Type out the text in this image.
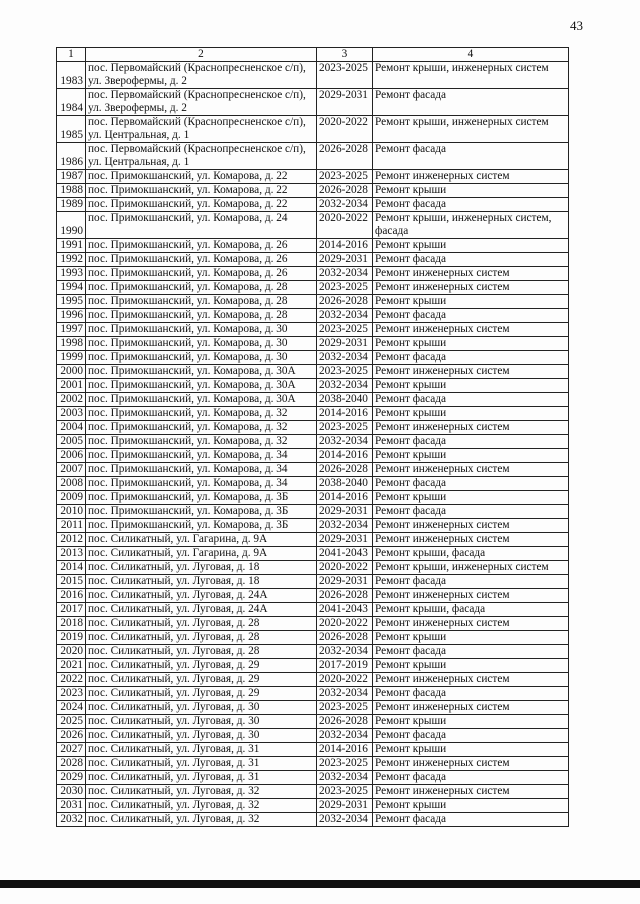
43
1	2	3	4
1983	пос. Первомайский (Краснопресненское с/п), ул. Зверофермы, д. 2	2023-2025	Ремонт крыши, инженерных систем
1984	пос. Первомайский (Краснопресненское с/п), ул. Зверофермы, д. 2	2029-2031	Ремонт фасада
1985	пос. Первомайский (Краснопресненское с/п), ул. Центральная, д. 1	2020-2022	Ремонт крыши, инженерных систем
1986	пос. Первомайский (Краснопресненское с/п), ул. Центральная, д. 1	2026-2028	Ремонт фасада
1987	пос. Примокшанский, ул. Комарова, д. 22	2023-2025	Ремонт инженерных систем
1988	пос. Примокшанский, ул. Комарова, д. 22	2026-2028	Ремонт крыши
1989	пос. Примокшанский, ул. Комарова, д. 22	2032-2034	Ремонт фасада
1990	пос. Примокшанский, ул. Комарова, д. 24	2020-2022	Ремонт крыши, инженерных систем, фасада
1991	пос. Примокшанский, ул. Комарова, д. 26	2014-2016	Ремонт крыши
1992	пос. Примокшанский, ул. Комарова, д. 26	2029-2031	Ремонт фасада
1993	пос. Примокшанский, ул. Комарова, д. 26	2032-2034	Ремонт инженерных систем
1994	пос. Примокшанский, ул. Комарова, д. 28	2023-2025	Ремонт инженерных систем
1995	пос. Примокшанский, ул. Комарова, д. 28	2026-2028	Ремонт крыши
1996	пос. Примокшанский, ул. Комарова, д. 28	2032-2034	Ремонт фасада
1997	пос. Примокшанский, ул. Комарова, д. 30	2023-2025	Ремонт инженерных систем
1998	пос. Примокшанский, ул. Комарова, д. 30	2029-2031	Ремонт крыши
1999	пос. Примокшанский, ул. Комарова, д. 30	2032-2034	Ремонт фасада
2000	пос. Примокшанский, ул. Комарова, д. 30А	2023-2025	Ремонт инженерных систем
2001	пос. Примокшанский, ул. Комарова, д. 30А	2032-2034	Ремонт крыши
2002	пос. Примокшанский, ул. Комарова, д. 30А	2038-2040	Ремонт фасада
2003	пос. Примокшанский, ул. Комарова, д. 32	2014-2016	Ремонт крыши
2004	пос. Примокшанский, ул. Комарова, д. 32	2023-2025	Ремонт инженерных систем
2005	пос. Примокшанский, ул. Комарова, д. 32	2032-2034	Ремонт фасада
2006	пос. Примокшанский, ул. Комарова, д. 34	2014-2016	Ремонт крыши
2007	пос. Примокшанский, ул. Комарова, д. 34	2026-2028	Ремонт инженерных систем
2008	пос. Примокшанский, ул. Комарова, д. 34	2038-2040	Ремонт фасада
2009	пос. Примокшанский, ул. Комарова, д. 3Б	2014-2016	Ремонт крыши
2010	пос. Примокшанский, ул. Комарова, д. 3Б	2029-2031	Ремонт фасада
2011	пос. Примокшанский, ул. Комарова, д. 3Б	2032-2034	Ремонт инженерных систем
2012	пос. Силикатный, ул. Гагарина, д. 9А	2029-2031	Ремонт инженерных систем
2013	пос. Силикатный, ул. Гагарина, д. 9А	2041-2043	Ремонт крыши, фасада
2014	пос. Силикатный, ул. Луговая, д. 18	2020-2022	Ремонт крыши, инженерных систем
2015	пос. Силикатный, ул. Луговая, д. 18	2029-2031	Ремонт фасада
2016	пос. Силикатный, ул. Луговая, д. 24А	2026-2028	Ремонт инженерных систем
2017	пос. Силикатный, ул. Луговая, д. 24А	2041-2043	Ремонт крыши, фасада
2018	пос. Силикатный, ул. Луговая, д. 28	2020-2022	Ремонт инженерных систем
2019	пос. Силикатный, ул. Луговая, д. 28	2026-2028	Ремонт крыши
2020	пос. Силикатный, ул. Луговая, д. 28	2032-2034	Ремонт фасада
2021	пос. Силикатный, ул. Луговая, д. 29	2017-2019	Ремонт крыши
2022	пос. Силикатный, ул. Луговая, д. 29	2020-2022	Ремонт инженерных систем
2023	пос. Силикатный, ул. Луговая, д. 29	2032-2034	Ремонт фасада
2024	пос. Силикатный, ул. Луговая, д. 30	2023-2025	Ремонт инженерных систем
2025	пос. Силикатный, ул. Луговая, д. 30	2026-2028	Ремонт крыши
2026	пос. Силикатный, ул. Луговая, д. 30	2032-2034	Ремонт фасада
2027	пос. Силикатный, ул. Луговая, д. 31	2014-2016	Ремонт крыши
2028	пос. Силикатный, ул. Луговая, д. 31	2023-2025	Ремонт инженерных систем
2029	пос. Силикатный, ул. Луговая, д. 31	2032-2034	Ремонт фасада
2030	пос. Силикатный, ул. Луговая, д. 32	2023-2025	Ремонт инженерных систем
2031	пос. Силикатный, ул. Луговая, д. 32	2029-2031	Ремонт крыши
2032	пос. Силикатный, ул. Луговая, д. 32	2032-2034	Ремонт фасада
